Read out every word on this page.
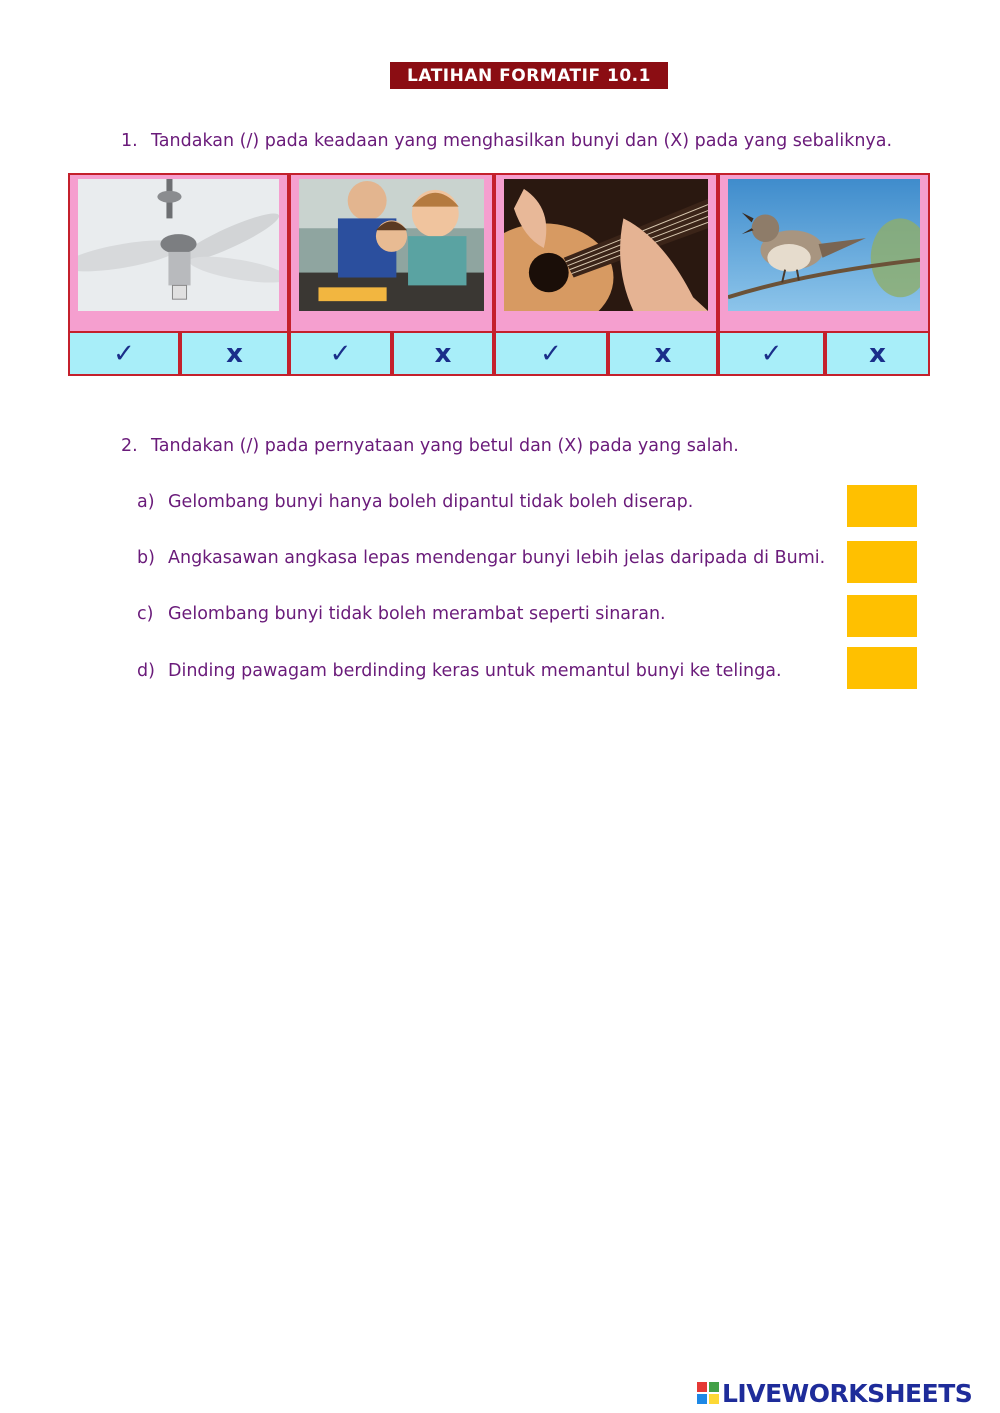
LATIHAN FORMATIF 10.1
1. Tandakan (/) pada keadaan yang menghasilkan bunyi dan (X) pada yang sebaliknya.
✓	x	✓	x	✓	x	✓	x
2. Tandakan (/) pada pernyataan yang betul dan (X) pada yang salah.
a) Gelombang bunyi hanya boleh dipantul tidak boleh diserap.
b) Angkasawan angkasa lepas mendengar bunyi lebih jelas daripada di Bumi.
c) Gelombang bunyi tidak boleh merambat seperti sinaran.
d) Dinding pawagam berdinding keras untuk memantul bunyi ke telinga.
LIVEWORKSHEETS
